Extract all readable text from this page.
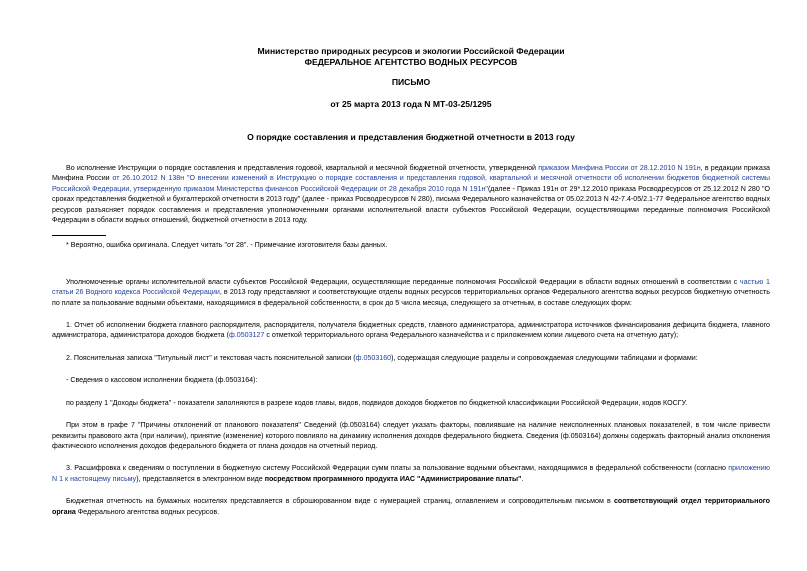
Министерство природных ресурсов и экологии Российской Федерации
ФЕДЕРАЛЬНОЕ АГЕНТСТВО ВОДНЫХ РЕСУРСОВ
ПИСЬМО
от 25 марта 2013 года N МТ-03-25/1295
О порядке составления и представления бюджетной отчетности в 2013 году

Во исполнение Инструкции о порядке составления и представления годовой, квартальной и месячной бюджетной отчетности, утвержденной приказом Минфина России от 28.12.2010 N 191н, в редакции приказа Минфина России от 26.10.2012 N 138н "О внесении изменений в Инструкцию о порядке составления и представления годовой, квартальной и месячной отчетности об исполнении бюджетов бюджетной системы Российской Федерации, утвержденную приказом Министерства финансов Российской Федерации от 28 декабря 2010 года N 191н"(далее - Приказ 191н от 29*.12.2010 приказа Росводресурсов от 25.12.2012 N 280 "О сроках представления бюджетной и бухгалтерской отчетности в 2013 году" (далее - приказ Росводресурсов N 280), письма Федерального казначейства от 05.02.2013 N 42-7.4-05/2.1-77 Федеральное агентство водных ресурсов разъясняет порядок составления и представления уполномоченными органами исполнительной власти субъектов Российской Федерации, осуществляющими переданные полномочия Российской Федерации в области водных отношений, бюджетной отчетности в 2013 году.

* Вероятно, ошибка оригинала. Следует читать "от 28". - Примечание изготовителя базы данных.

Уполномоченные органы исполнительной власти субъектов Российской Федерации, осуществляющие переданные полномочия Российской Федерации в области водных отношений в соответствии с частью 1 статьи 26 Водного кодекса Российской Федерации, в 2013 году представляют и соответствующие отделы водных ресурсов территориальных органов Федерального агентства водных ресурсов бюджетную отчетность по плате за пользование водными объектами, находящимися в федеральной собственности, в срок до 5 числа месяца, следующего за отчетным, в составе следующих форм:

1. Отчет об исполнении бюджета главного распорядителя, распорядителя, получателя бюджетных средств, главного администратора, администратора источников финансирования дефицита бюджета, главного администратора, администратора доходов бюджета (ф.0503127 с отметкой территориального органа Федерального казначейства и с приложением копии лицевого счета на отчетную дату);

2. Пояснительная записка "Титульный лист" и текстовая часть пояснительной записки (ф.0503160), содержащая следующие разделы и сопровождаемая следующими таблицами и формами:

- Сведения о кассовом исполнении бюджета (ф.0503164):

по разделу 1 "Доходы бюджета" - показатели заполняются в разрезе кодов главы, видов, подвидов доходов бюджетов по бюджетной классификации Российской Федерации, кодов КОСГУ.

При этом в графе 7 "Причины отклонений от планового показателя" Сведений (ф.0503164) следует указать факторы, повлиявшие на наличие неисполненных плановых показателей, в том числе привести реквизиты правового акта (при наличии), принятие (изменение) которого повлияло на динамику исполнения доходов федерального бюджета. Сведения (ф.0503164) должны содержать факторный анализ отклонения фактического исполнения доходов федерального бюджета от плана доходов на отчетный период.

3. Расшифровка к сведениям о поступлении в бюджетную систему Российской Федерации сумм платы за пользование водными объектами, находящимися в федеральной собственности (согласно приложению N 1 к настоящему письму), представляется в электронном виде посредством программного продукта ИАС "Администрирование платы".

Бюджетная отчетность на бумажных носителях представляется в сброшюрованном виде с нумерацией страниц, оглавлением и сопроводительным письмом в соответствующий отдел территориального органа Федерального агентства водных ресурсов.
